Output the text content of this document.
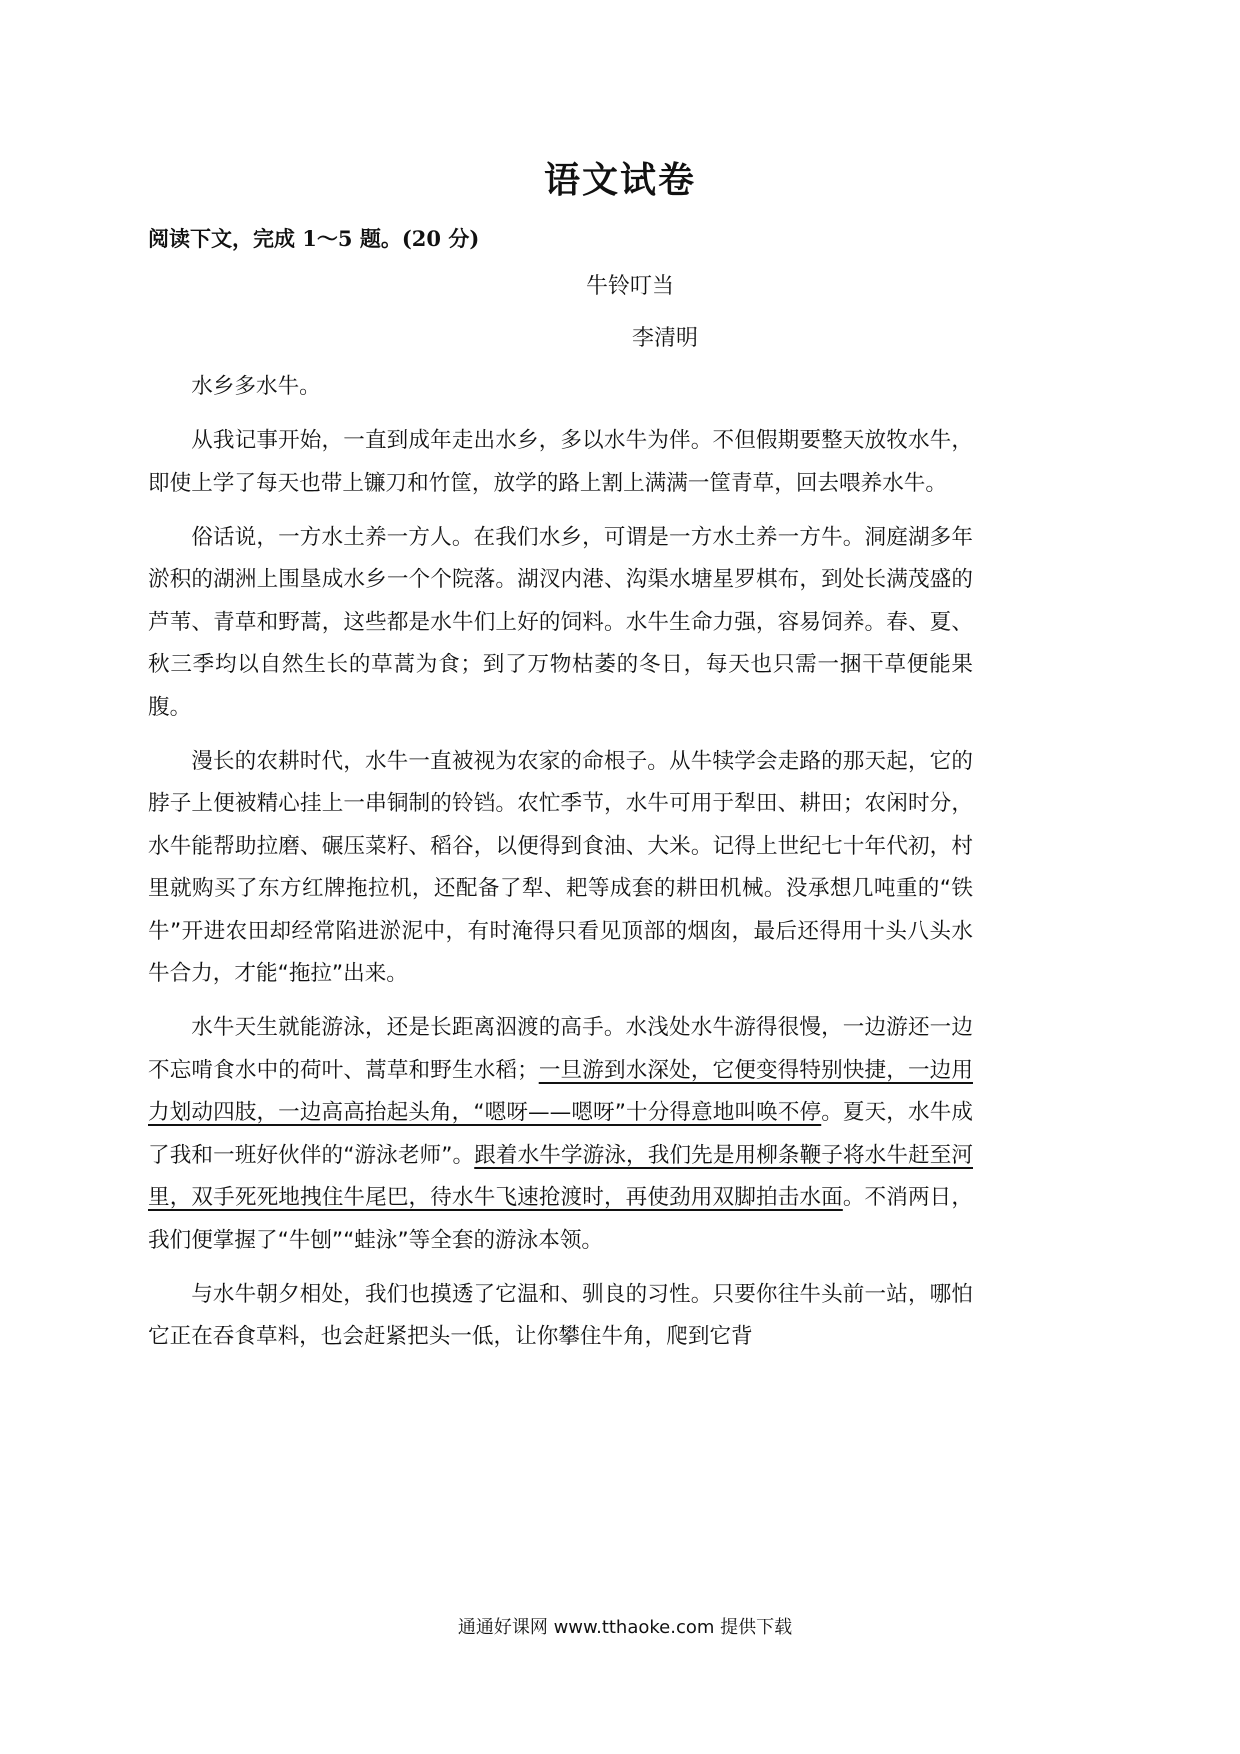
语文试卷
阅读下文，完成 1～5 题。(20 分)
牛铃叮当
李清明

水乡多水牛。

从我记事开始，一直到成年走出水乡，多以水牛为伴。不但假期要整天放牧水牛，即使上学了每天也带上镰刀和竹筐，放学的路上割上满满一筐青草，回去喂养水牛。

俗话说，一方水土养一方人。在我们水乡，可谓是一方水土养一方牛。洞庭湖多年淤积的湖洲上围垦成水乡一个个院落。湖汊内港、沟渠水塘星罗棋布，到处长满茂盛的芦苇、青草和野蒿，这些都是水牛们上好的饲料。水牛生命力强，容易饲养。春、夏、秋三季均以自然生长的草蒿为食；到了万物枯萎的冬日，每天也只需一捆干草便能果腹。

漫长的农耕时代，水牛一直被视为农家的命根子。从牛犊学会走路的那天起，它的脖子上便被精心挂上一串铜制的铃铛。农忙季节，水牛可用于犁田、耕田；农闲时分，水牛能帮助拉磨、碾压菜籽、稻谷，以便得到食油、大米。记得上世纪七十年代初，村里就购买了东方红牌拖拉机，还配备了犁、耙等成套的耕田机械。没承想几吨重的“铁牛”开进农田却经常陷进淤泥中，有时淹得只看见顶部的烟囱，最后还得用十头八头水牛合力，才能“拖拉”出来。

水牛天生就能游泳，还是长距离泅渡的高手。水浅处水牛游得很慢，一边游还一边不忘啃食水中的荷叶、蒿草和野生水稻；一旦游到水深处，它便变得特别快捷，一边用力划动四肢，一边高高抬起头角，“嗯呀——嗯呀”十分得意地叫唤不停。夏天，水牛成了我和一班好伙伴的“游泳老师”。跟着水牛学游泳，我们先是用柳条鞭子将水牛赶至河里，双手死死地拽住牛尾巴，待水牛飞速抢渡时，再使劲用双脚拍击水面。不消两日，我们便掌握了“牛刨”“蛙泳”等全套的游泳本领。

与水牛朝夕相处，我们也摸透了它温和、驯良的习性。只要你往牛头前一站，哪怕它正在吞食草料，也会赶紧把头一低，让你攀住牛角，爬到它背

通通好课网 www.tthaoke.com 提供下载
